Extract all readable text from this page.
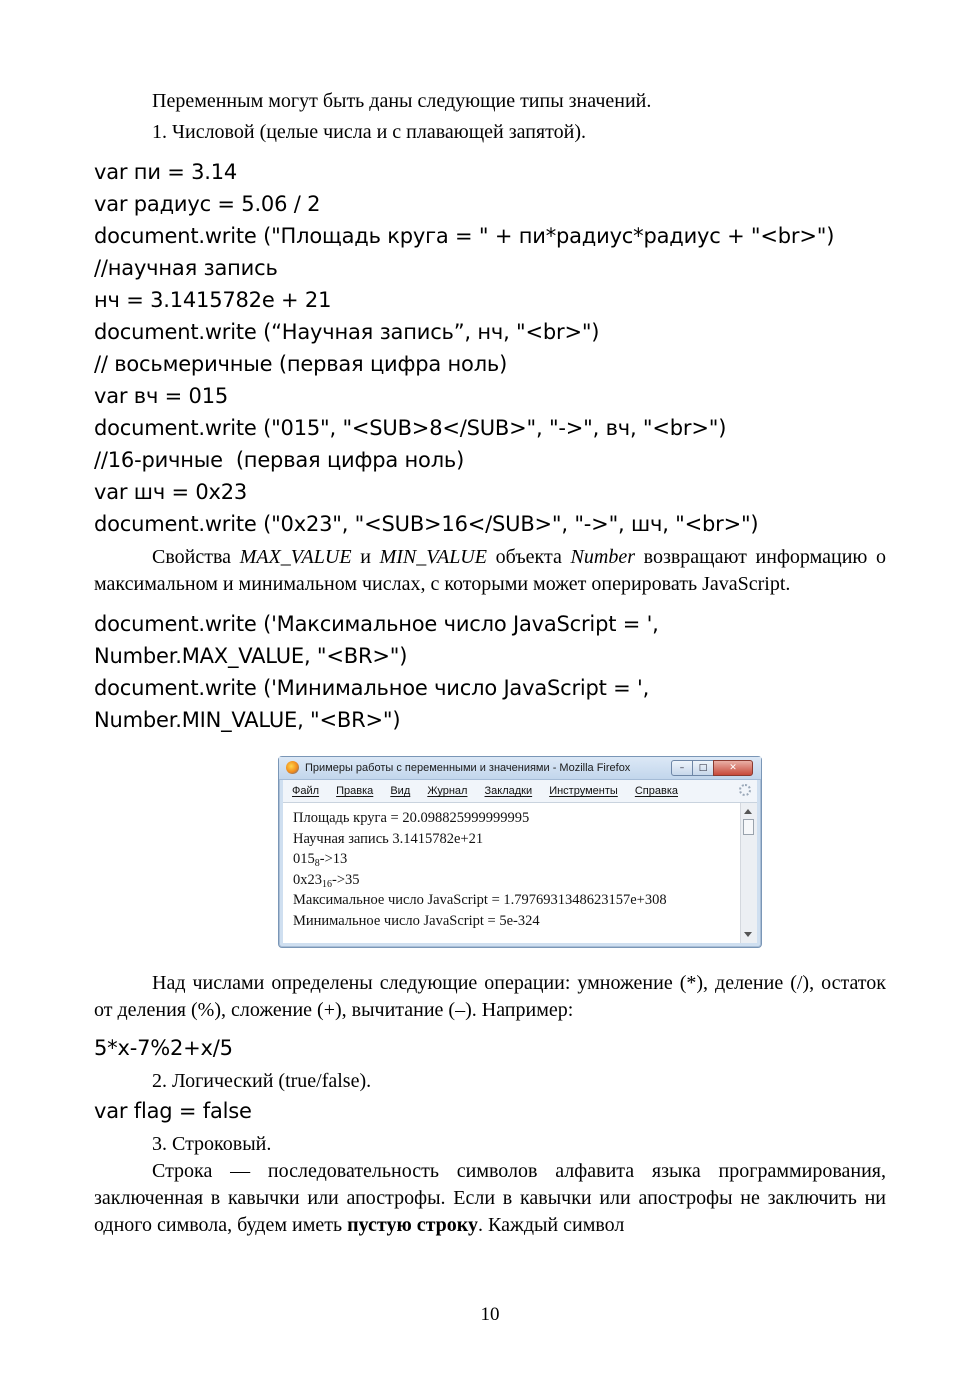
Переменным могут быть даны следующие типы значений.

1. Числовой (целые числа и с плавающей запятой).

var пи = 3.14
var радиус = 5.06 / 2
document.write ("Площадь круга = " + пи*радиус*радиус + "<br>")
//научная запись
нч = 3.1415782e + 21
document.write (“Научная запись”, нч, "<br>")
// восьмеричные (первая цифра ноль)
var вч = 015
document.write ("015", "<SUB>8</SUB>", "->", вч, "<br>")
//16-ричные  (первая цифра ноль)
var шч = 0x23
document.write ("0x23", "<SUB>16</SUB>", "->", шч, "<br>")

Свойства MAX_VALUE и MIN_VALUE объекта Number возвращают информацию о максимальном и минимальном числах, с которыми может оперировать JavaScript.

document.write ('Максимальное число JavaScript = ',
Number.MAX_VALUE, "<BR>")
document.write ('Минимальное число JavaScript = ',
Number.MIN_VALUE, "<BR>")
Примеры работы с переменными и значениями - Mozilla Firefox	–	□	✕
Файл Правка Вид Журнал Закладки Инструменты Справка
Площадь круга = 20.098825999999995
Научная запись 3.1415782e+21
$015_8->13$
$0x23_{16}->35$
Максимальное число JavaScript = 1.7976931348623157e+308
Минимальное число JavaScript = 5e-324

Над числами определены следующие операции: умножение (*), деление (/), остаток от деления (%), сложение (+), вычитание (–). Например:

5*x-7%2+x/5

2. Логический (true/false).

var flag = false

3. Строковый.

Строка — последовательность символов алфавита языка программирования, заключенная в кавычки или апострофы. Если в кавычки или апострофы не заключить ни одного символа, будем иметь пустую строку. Каждый символ

10
